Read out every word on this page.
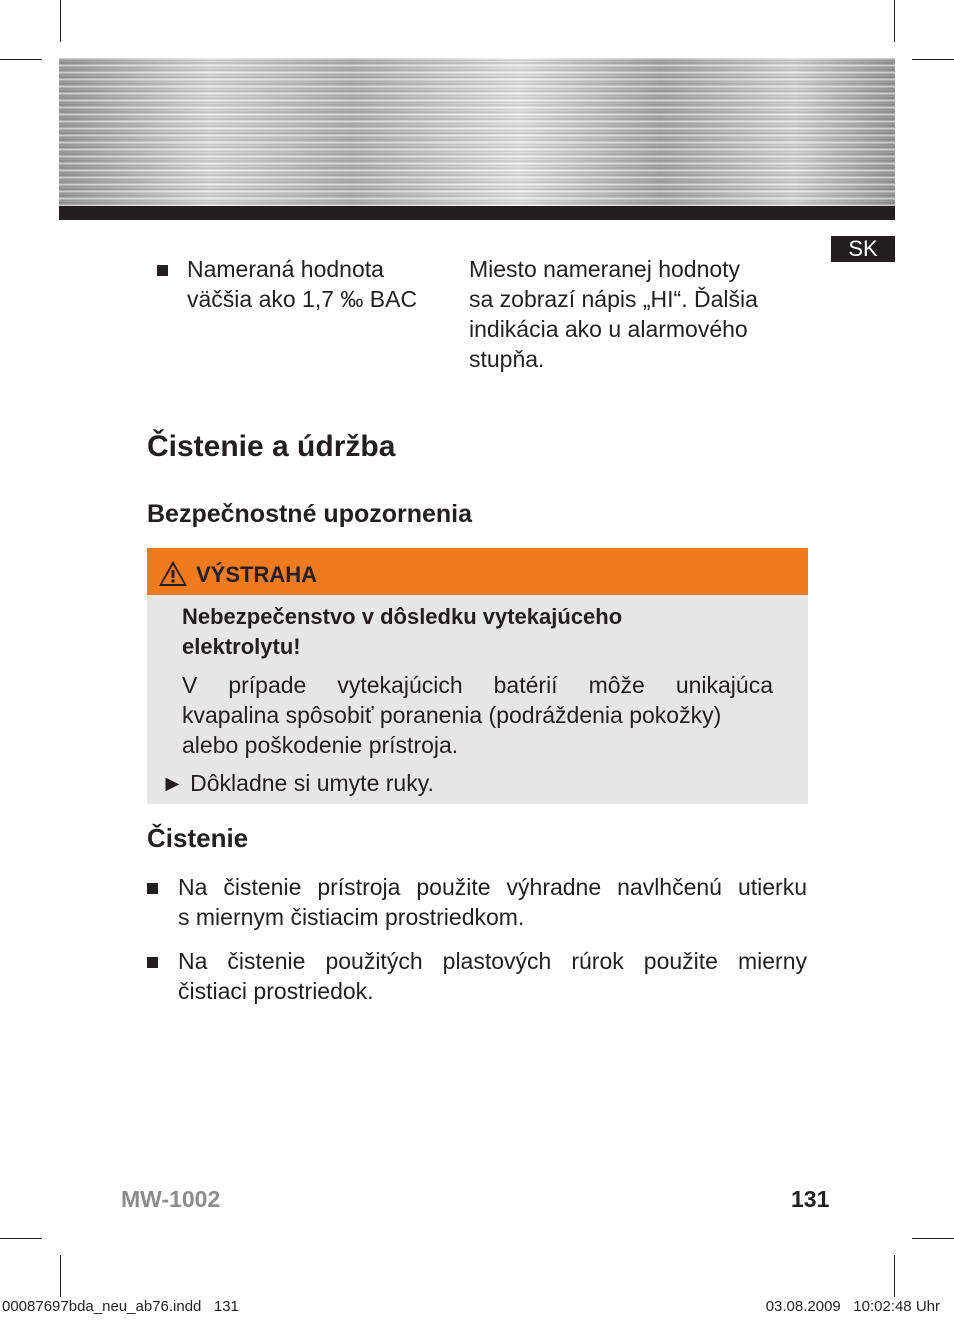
SK
Nameraná hodnota
väčšia ako 1,7 ‰ BAC
Miesto nameranej hodnoty
sa zobrazí nápis „HI“. Ďalšia
indikácia ako u alarmového
stupňa.
Čistenie a údržba
Bezpečnostné upozornenia
VÝSTRAHA
Nebezpečenstvo v dôsledku vytekajúceho
elektrolytu!
V prípade vytekajúcich batérií môže unikajúca
kvapalina spôsobiť poranenia (podráždenia pokožky)
alebo poškodenie prístroja.
► Dôkladne si umyte ruky.
Čistenie
Na čistenie prístroja použite výhradne navlhčenú utierku
s miernym čistiacim prostriedkom.
Na čistenie použitých plastových rúrok použite mierny
čistiaci prostriedok.
MW-1002	131
00087697bda_neu_ab76.indd   131	03.08.2009   10:02:48 Uhr
